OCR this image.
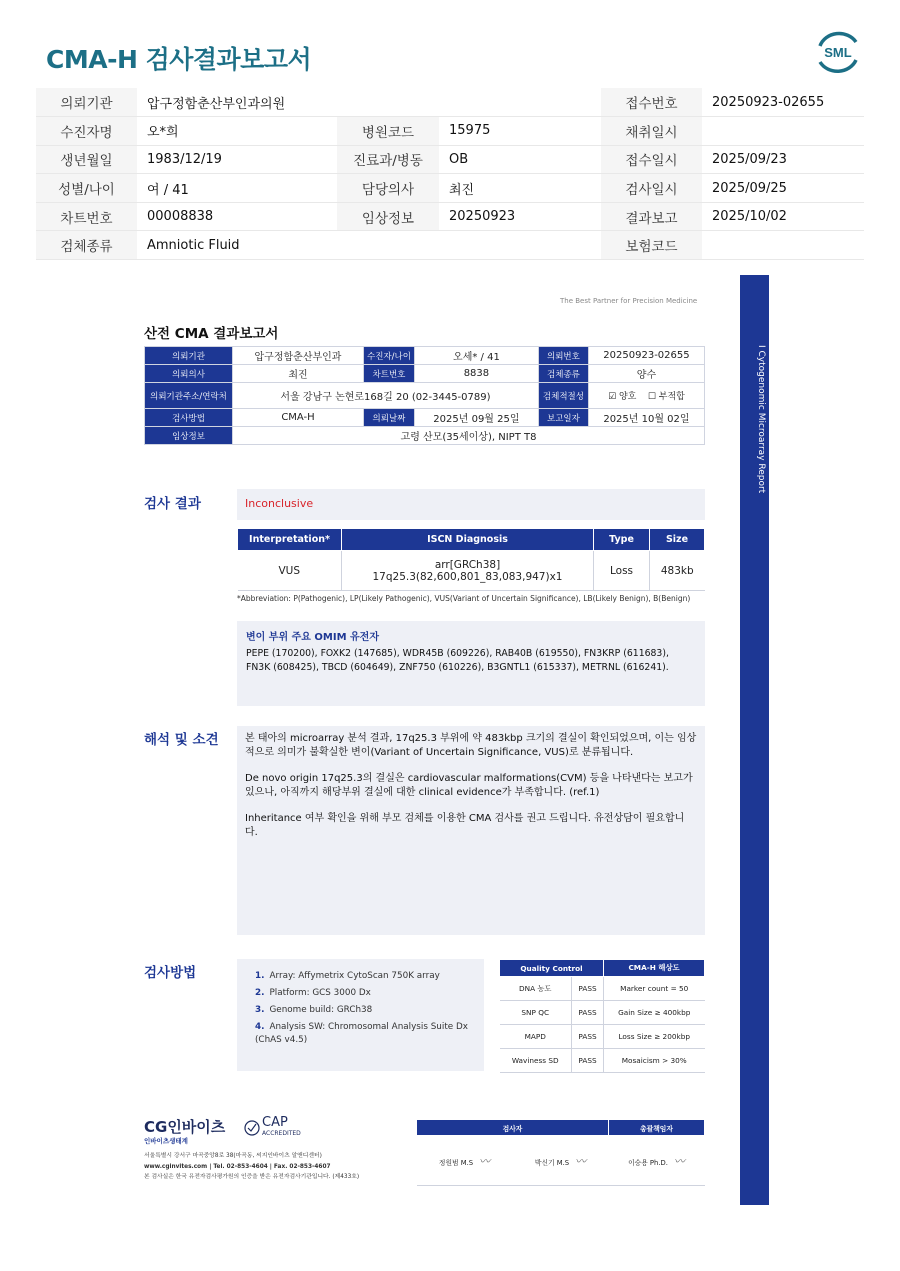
CMA-H 검사결과보고서	SML
의뢰기관	압구정함춘산부인과의원			접수번호	20250923-02655
수진자명	오*희	병원코드	15975	채취일시	
생년월일	1983/12/19	진료과/병동	OB	접수일시	2025/09/23
성별/나이	여 / 41	담당의사	최진	검사일시	2025/09/25
차트번호	00008838	임상정보	20250923	결과보고	2025/10/02
검체종류	Amniotic Fluid			보험코드	
I Cytogenomic Microarray Report
The Best Partner for Precision Medicine
산전 CMA 결과보고서
의뢰기관	압구정함춘산부인과	수진자/나이	오세* / 41	의뢰번호	20250923-02655
의뢰의사	최진	차트번호	8838	검체종류	양수
의뢰기관주소/연락처	서울 강남구 논현로168길 20 (02-3445-0789)			검체적절성	☑ 양호 ☐ 부적합
검사방법	CMA-H	의뢰날짜	2025년 09월 25일	보고일자	2025년 10월 02일
임상정보	고령 산모(35세이상), NIPT T8				
검사 결과	Inconclusive
Interpretation*	ISCN Diagnosis	Type	Size
VUS	arr[GRCh38] 17q25.3(82,600,801_83,083,947)x1	Loss	483kb
*Abbreviation: P(Pathogenic), LP(Likely Pathogenic), VUS(Variant of Uncertain Significance), LB(Likely Benign), B(Benign)
변이 부위 주요 OMIM 유전자
PEPE (170200), FOXK2 (147685), WDR45B (609226), RAB40B (619550), FN3KRP (611683),
FN3K (608425), TBCD (604649), ZNF750 (610226), B3GNTL1 (615337), METRNL (616241).
해석 및 소견	본 태아의 microarray 분석 결과, 17q25.3 부위에 약 483kbp 크기의 결실이 확인되었으며, 이는 임상적으로 의미가 불확실한 변이(Variant of Uncertain Significance, VUS)로 분류됩니다.

De novo origin 17q25.3의 결실은 cardiovascular malformations(CVM) 등을 나타낸다는 보고가 있으나, 아직까지 해당부위 결실에 대한 clinical evidence가 부족합니다. (ref.1)

Inheritance 여부 확인을 위해 부모 검체를 이용한 CMA 검사를 권고 드립니다. 유전상담이 필요합니다.

검사방법	1. Array: Affymetrix CytoScan 750K array
2. Platform: GCS 3000 Dx
3. Genome build: GRCh38
4. Analysis SW: Chromosomal Analysis Suite Dx (ChAS v4.5)
Quality Control		CMA-H 해상도
DNA 농도	PASS	Marker count = 50
SNP QC	PASS	Gain Size ≥ 400kbp
MAPD	PASS	Loss Size ≥ 200kbp
Waviness SD	PASS	Mosaicism > 30%
CG인바이츠
인바이츠생태계
CAP
ACCREDITED
서울특별시 강서구 마곡중앙8로 38(마곡동, 씨지인바이츠 알앤디센터)
www.cginvites.com | Tel. 02-853-4604 | Fax. 02-853-4607
본 검사실은 한국 유전자검사평가원의 인증을 받은 유전자검사기관입니다. (제433호)
검사자		총괄책임자
정원범 M.S 〰	박신기 M.S 〰	이승용 Ph.D. 〰
